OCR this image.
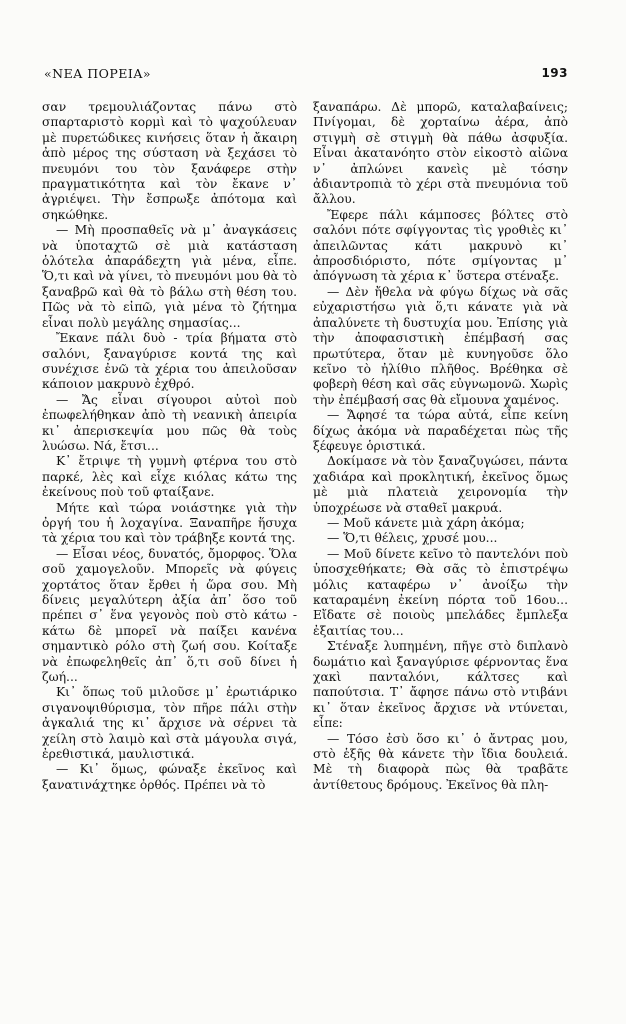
«ΝΕΑ ΠΟΡΕΙΑ»	193

σαν τρεμουλιάζοντας πάνω στὸ σπαρταριστὸ κορμὶ καὶ τὸ ψαχούλευαν μὲ πυρετώδικες κινήσεις ὅταν ἡ ἄκαιρη ἀπὸ μέρος της σύσταση νὰ ξεχάσει τὸ πνευμόνι του τὸν ξανάφερε στὴν πραγματικότητα καὶ τὸν ἔκανε ν᾿ ἀγριέψει. Τὴν ἔσπρωξε ἀπότομα καὶ σηκώθηκε.

— Μὴ προσπαθεῖς νὰ μ᾿ ἀναγκάσεις νὰ ὑποταχτῶ σὲ μιὰ κατάσταση ὁλότελα ἀπαράδεχτη γιὰ μένα, εἶπε. Ὅ,τι καὶ νὰ γίνει, τὸ πνευμόνι μου θὰ τὸ ξαναβρῶ καὶ θὰ τὸ βάλω στὴ θέση του. Πῶς νὰ τὸ εἰπῶ, γιὰ μένα τὸ ζήτημα εἶναι πολὺ μεγάλης σημασίας...

Ἔκανε πάλι δυὸ - τρία βήματα στὸ σαλόνι, ξαναγύρισε κοντά της καὶ συνέχισε ἐνῶ τὰ χέρια του ἀπειλοῦσαν κάποιον μακρυνὸ ἐχθρό.

— Ἄς εἶναι σίγουροι αὐτοὶ ποὺ ἐπωφελήθηκαν ἀπὸ τὴ νεανικὴ ἀπειρία κι᾿ ἀπερισκεψία μου πῶς θὰ τοὺς λυώσω. Νά, ἔτσι...

Κ᾿ ἔτριψε τὴ γυμνὴ φτέρνα του στὸ παρκέ, λὲς καὶ εἶχε κιόλας κάτω της ἐκείνους ποὺ τοῦ φταίξανε.

Μήτε καὶ τώρα νοιάστηκε γιὰ τὴν ὀργή του ἡ λοχαγίνα. Ξαναπῆρε ἥσυχα τὰ χέρια του καὶ τὸν τράβηξε κοντά της.

— Εἶσαι νέος, δυνατός, ὄμορφος. Ὅλα σοῦ χαμογελοῦν. Μπορεῖς νὰ φύγεις χορτάτος ὅταν ἔρθει ἡ ὥρα σου. Μὴ δίνεις μεγαλύτερη ἀξία ἀπ᾿ ὅσο τοῦ πρέπει σ᾿ ἕνα γεγονὸς ποὺ στὸ κάτω - κάτω δὲ μπορεῖ νὰ παίξει κανένα σημαντικὸ ρόλο στὴ ζωή σου. Κοίταξε νὰ ἐπωφεληθεῖς ἀπ᾿ ὅ,τι σοῦ δίνει ἡ ζωή...

Κι᾿ ὅπως τοῦ μιλοῦσε μ᾿ ἐρωτιάρικο σιγανοψιθύρισμα, τὸν πῆρε πάλι στὴν ἀγκαλιά της κι᾿ ἄρχισε νὰ σέρνει τὰ χείλη στὸ λαιμὸ καὶ στὰ μάγουλα σιγά, ἐρεθιστικά, μαυλιστικά.

— Κι᾿ ὅμως, φώναξε ἐκεῖνος καὶ ξανατινάχτηκε ὀρθός. Πρέπει νὰ τὸ

ξαναπάρω. Δὲ μπορῶ, καταλαβαίνεις; Πνίγομαι, δὲ χορταίνω ἀέρα, ἀπὸ στιγμὴ σὲ στιγμὴ θὰ πάθω ἀσφυξία. Εἶναι ἀκατανόητο στὸν εἰκοστὸ αἰῶνα ν᾿ ἀπλώνει κανεὶς μὲ τόσην ἀδιαντροπιὰ τὸ χέρι στὰ πνευμόνια τοῦ ἄλλου.

Ἔφερε πάλι κάμποσες βόλτες στὸ σαλόνι πότε σφίγγοντας τὶς γροθιὲς κι᾿ ἀπειλῶντας κάτι μακρυνὸ κι᾿ ἀπροσδιόριστο, πότε σμίγοντας μ᾿ ἀπόγνωση τὰ χέρια κ᾿ ὕστερα στέναξε.

— Δὲν ἤθελα νὰ φύγω δίχως νὰ σᾶς εὐχαριστήσω γιὰ ὅ,τι κάνατε γιὰ νὰ ἀπαλύνετε τὴ δυστυχία μου. Ἐπίσης γιὰ τὴν ἀποφασιστικὴ ἐπέμβασή σας πρωτύτερα, ὅταν μὲ κυνηγοῦσε ὅλο κεῖνο τὸ ἠλίθιο πλῆθος. Βρέθηκα σὲ φοβερὴ θέση καὶ σᾶς εὐγνωμονῶ. Χωρὶς τὴν ἐπέμβασή σας θὰ εἴμουνα χαμένος.

— Ἄφησέ τα τώρα αὐτά, εἶπε κείνη δίχως ἀκόμα νὰ παραδέχεται πὼς τῆς ξέφευγε ὁριστικά.

Δοκίμασε νὰ τὸν ξαναζυγώσει, πάντα χαδιάρα καὶ προκλητική, ἐκεῖνος ὅμως μὲ μιὰ πλατειὰ χειρονομία τὴν ὑποχρέωσε νὰ σταθεῖ μακρυά.

— Μοῦ κάνετε μιὰ χάρη ἀκόμα;

— Ὅ,τι θέλεις, χρυσέ μου...

— Μοῦ δίνετε κεῖνο τὸ παντελόνι ποὺ ὑποσχεθήκατε; Θὰ σᾶς τὸ ἐπιστρέψω μόλις καταφέρω ν᾿ ἀνοίξω τὴν καταραμένη ἐκείνη πόρτα τοῦ 16ου... Εἴδατε σὲ ποιοὺς μπελάδες ἔμπλεξα ἐξαιτίας του...

Στέναξε λυπημένη, πῆγε στὸ διπλανὸ δωμάτιο καὶ ξαναγύρισε φέρνοντας ἕνα χακὶ πανταλόνι, κάλτσες καὶ παπούτσια. Τ᾿ ἄφησε πάνω στὸ ντιβάνι κι᾿ ὅταν ἐκεῖνος ἄρχισε νὰ ντύνεται, εἶπε:

— Τόσο ἐσὺ ὅσο κι᾿ ὁ ἄντρας μου, στὸ ἑξῆς θὰ κάνετε τὴν ἴδια δουλειά. Μὲ τὴ διαφορὰ πὼς θὰ τραβᾶτε ἀντίθετους δρόμους. Ἐκεῖνος θὰ πλη-
